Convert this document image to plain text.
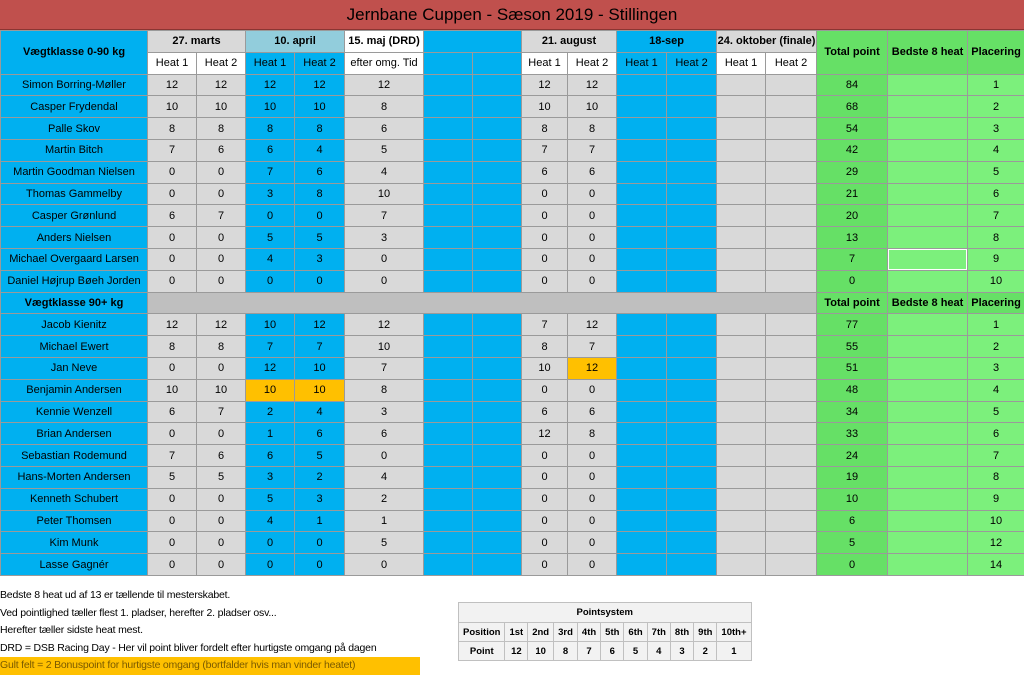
Jernbane Cuppen - Sæson 2019 - Stillingen
Vægtklasse 0-90 kg	27. marts		10. april		15. maj (DRD)			21. august		18-sep		24. oktober (finale)		Total point	Bedste 8 heat	Placering
	Heat 1	Heat 2	Heat 1	Heat 2	efter omg. Tid			Heat 1	Heat 2	Heat 1	Heat 2	Heat 1	Heat 2			
Simon Borring-Møller	12	12	12	12	12			12	12					84		1
Casper Frydendal	10	10	10	10	8			10	10					68		2
Palle Skov	8	8	8	8	6			8	8					54		3
Martin Bitch	7	6	6	4	5			7	7					42		4
Martin Goodman Nielsen	0	0	7	6	4			6	6					29		5
Thomas Gammelby	0	0	3	8	10			0	0					21		6
Casper Grønlund	6	7	0	0	7			0	0					20		7
Anders Nielsen	0	0	5	5	3			0	0					13		8
Michael Overgaard Larsen	0	0	4	3	0			0	0					7		9
Daniel Højrup Bøeh Jorden	0	0	0	0	0			0	0					0		10
Vægtklasse 90+ kg														Total point	Bedste 8 heat	Placering
Jacob Kienitz	12	12	10	12	12			7	12					77		1
Michael Ewert	8	8	7	7	10			8	7					55		2
Jan Neve	0	0	12	10	7			10	12					51		3
Benjamin Andersen	10	10	10	10	8			0	0					48		4
Kennie Wenzell	6	7	2	4	3			6	6					34		5
Brian Andersen	0	0	1	6	6			12	8					33		6
Sebastian Rodemund	7	6	6	5	0			0	0					24		7
Hans-Morten Andersen	5	5	3	2	4			0	0					19		8
Kenneth Schubert	0	0	5	3	2			0	0					10		9
Peter Thomsen	0	0	4	1	1			0	0					6		10
Kim Munk	0	0	0	0	5			0	0					5		12
Lasse Gagnér	0	0	0	0	0			0	0					0		14
Bedste 8 heat ud af 13 er tællende til mesterskabet.
Ved pointlighed tæller flest 1. pladser, herefter 2. pladser osv...
Herefter tæller sidste heat mest.
DRD = DSB Racing Day - Her vil point bliver fordelt efter hurtigste omgang på dagen
Gult felt = 2 Bonuspoint for hurtigste omgang (bortfalder hvis man vinder heatet)
Pointsystem										
Position	1st	2nd	3rd	4th	5th	6th	7th	8th	9th	10th+
Point	12	10	8	7	6	5	4	3	2	1
